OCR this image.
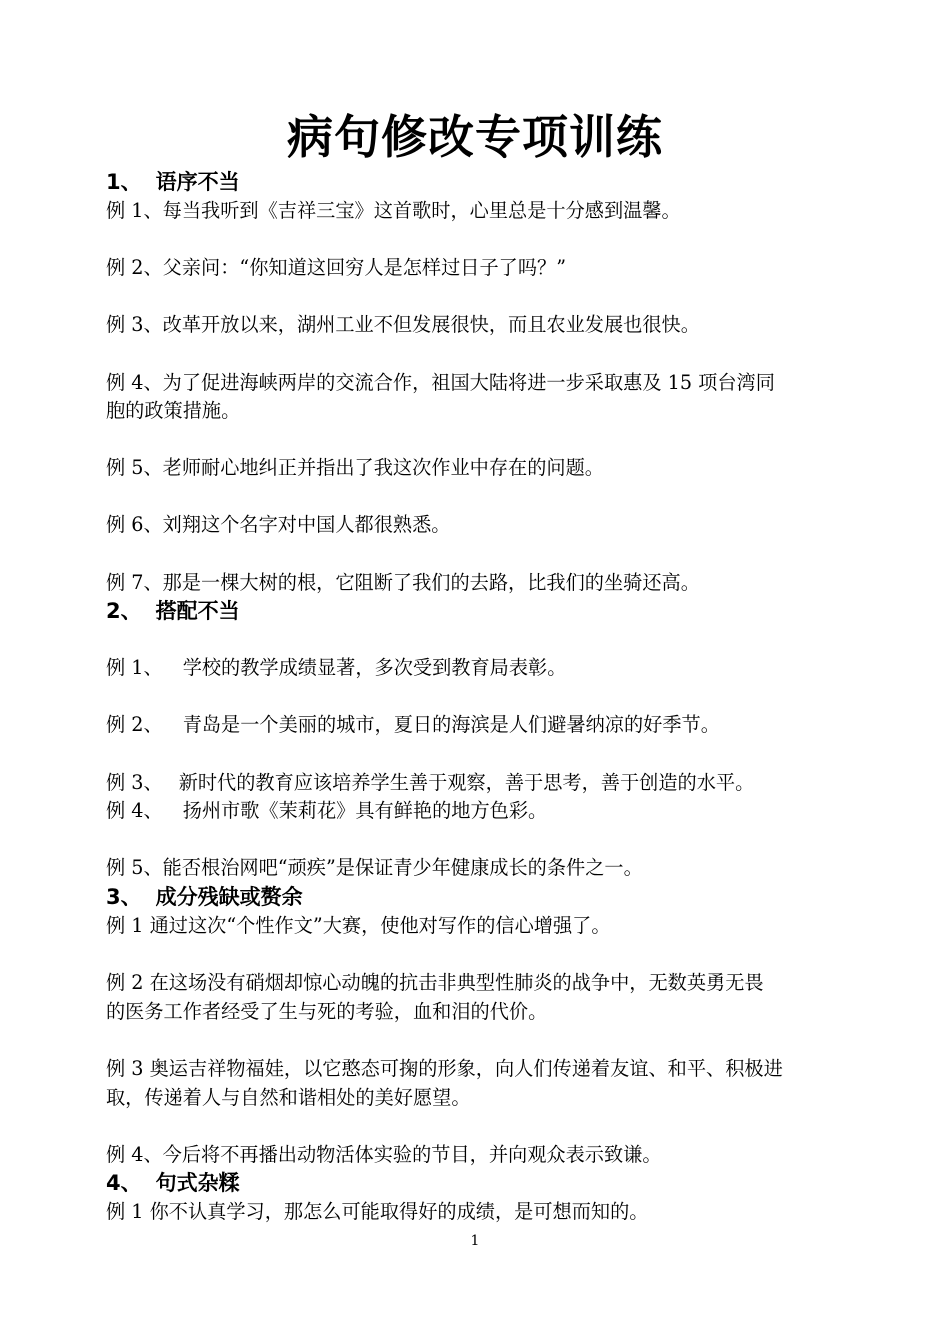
病句修改专项训练
1、 语序不当
例 1、每当我听到《吉祥三宝》这首歌时，心里总是十分感到温馨。
例 2、父亲问：“你知道这回穷人是怎样过日子了吗？”
例 3、改革开放以来，湖州工业不但发展很快，而且农业发展也很快。
例 4、为了促进海峡两岸的交流合作，祖国大陆将进一步采取惠及 15 项台湾同
胞的政策措施。
例 5、老师耐心地纠正并指出了我这次作业中存在的问题。
例 6、刘翔这个名字对中国人都很熟悉。
例 7、那是一棵大树的根，它阻断了我们的去路，比我们的坐骑还高。
2、 搭配不当
例 1、 学校的教学成绩显著，多次受到教育局表彰。
例 2、 青岛是一个美丽的城市，夏日的海滨是人们避暑纳凉的好季节。
例 3、 新时代的教育应该培养学生善于观察，善于思考，善于创造的水平。
例 4、 扬州市歌《茉莉花》具有鲜艳的地方色彩。
例 5、能否根治网吧“顽疾”是保证青少年健康成长的条件之一。
3、 成分残缺或赘余
例 1 通过这次“个性作文”大赛，使他对写作的信心增强了。
例 2 在这场没有硝烟却惊心动魄的抗击非典型性肺炎的战争中，无数英勇无畏
的医务工作者经受了生与死的考验，血和泪的代价。
例 3 奥运吉祥物福娃，以它憨态可掬的形象，向人们传递着友谊、和平、积极进
取，传递着人与自然和谐相处的美好愿望。
例 4、今后将不再播出动物活体实验的节目，并向观众表示致谦。
4、 句式杂糅
例 1 你不认真学习，那怎么可能取得好的成绩，是可想而知的。
1
